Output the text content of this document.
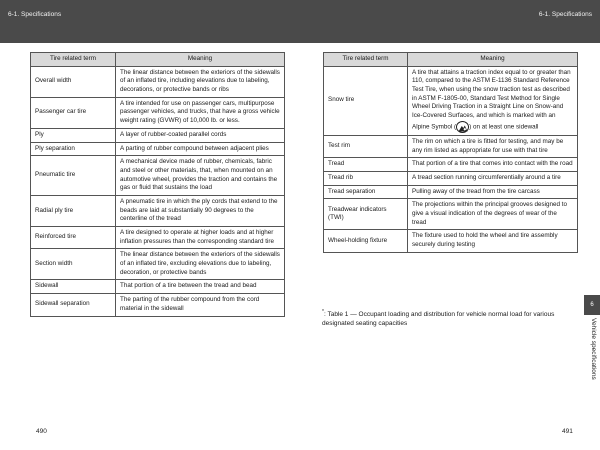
6-1. Specifications	6-1. Specifications
Tire related term	Meaning
Overall width	The linear distance between the exteriors of the sidewalls of an inflated tire, including elevations due to labeling, decorations, or protective bands or ribs
Passenger car tire	A tire intended for use on passenger cars, multipurpose passenger vehicles, and trucks, that have a gross vehicle weight rating (GVWR) of 10,000 lb. or less.
Ply	A layer of rubber-coated parallel cords
Ply separation	A parting of rubber compound between adjacent plies
Pneumatic tire	A mechanical device made of rubber, chemicals, fabric and steel or other materials, that, when mounted on an automotive wheel, provides the traction and contains the gas or fluid that sustains the load
Radial ply tire	A pneumatic tire in which the ply cords that extend to the beads are laid at substantially 90 degrees to the centerline of the tread
Reinforced tire	A tire designed to operate at higher loads and at higher inflation pressures than the corresponding standard tire
Section width	The linear distance between the exteriors of the sidewalls of an inflated tire, excluding elevations due to labeling, decoration, or protective bands
Sidewall	That portion of a tire between the tread and bead
Sidewall separation	The parting of the rubber compound from the cord material in the sidewall
Tire related term	Meaning
Snow tire	A tire that attains a traction index equal to or greater than 110, compared to the ASTM E-1136 Standard Reference Test Tire, when using the snow traction test as described in ASTM F-1805-00, Standard Test Method for Single Wheel Driving Traction in a Straight Line on Snow-and Ice-Covered Surfaces, and which is marked with an Alpine Symbol ( ) on at least one sidewall
Test rim	The rim on which a tire is fitted for testing, and may be any rim listed as appropriate for use with that tire
Tread	That portion of a tire that comes into contact with the road
Tread rib	A tread section running circumferentially around a tire
Tread separation	Pulling away of the tread from the tire carcass
Treadwear indicators (TWI)	The projections within the principal grooves designed to give a visual indication of the degrees of wear of the tread
Wheel-holding fixture	The fixture used to hold the wheel and tire assembly securely during testing
*: Table 1 — Occupant loading and distribution for vehicle normal load for various designated seating capacities
6
Vehicle specifications
490	491
